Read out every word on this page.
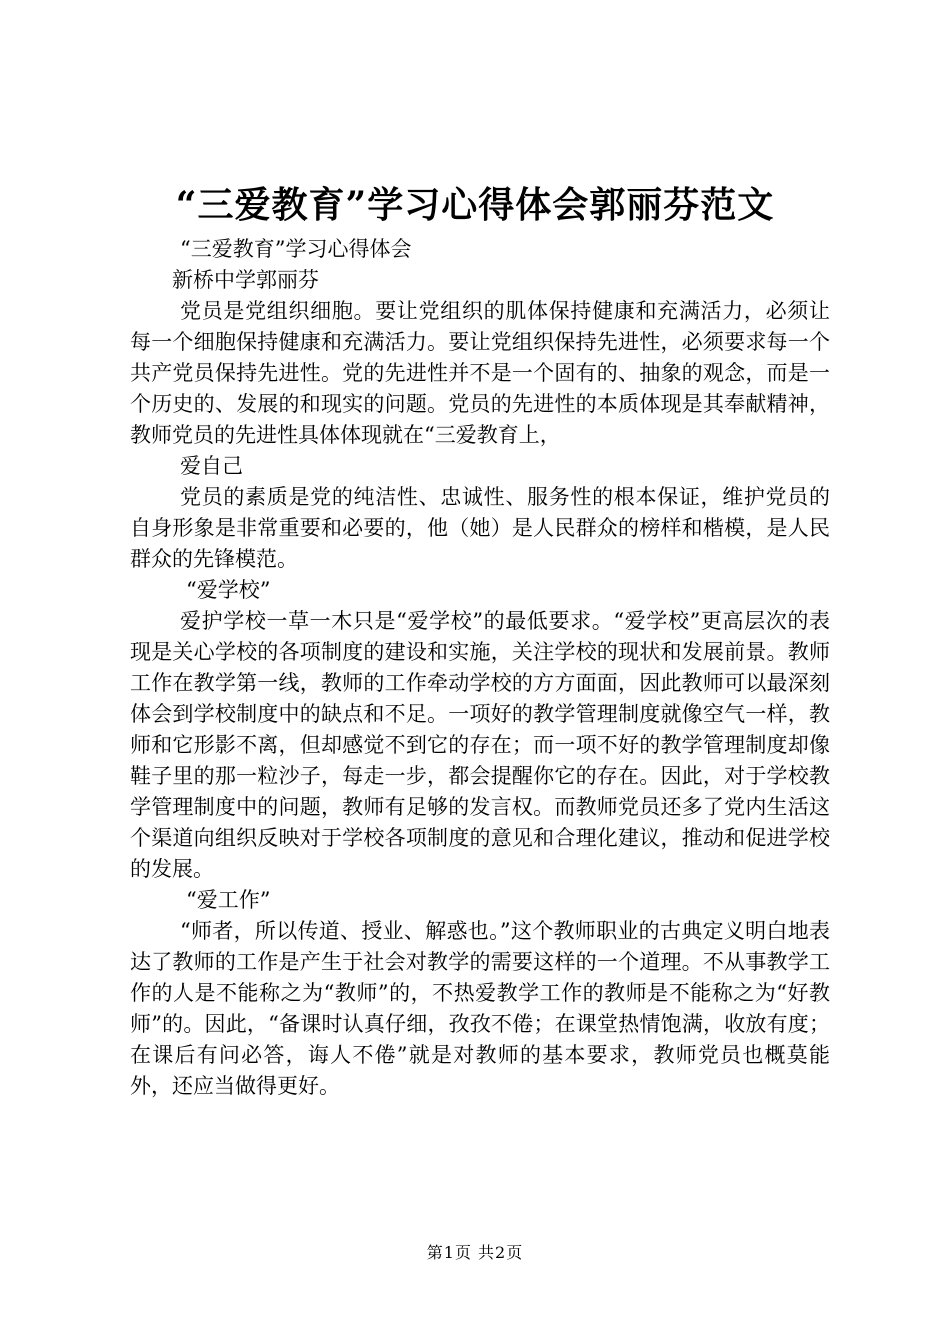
“三爱教育”学习心得体会郭丽芬范文

“三爱教育”学习心得体会

新桥中学郭丽芬

党员是党组织细胞。要让党组织的肌体保持健康和充满活力，必须让每一个细胞保持健康和充满活力。要让党组织保持先进性，必须要求每一个共产党员保持先进性。党的先进性并不是一个固有的、抽象的观念，而是一个历史的、发展的和现实的问题。党员的先进性的本质体现是其奉献精神，教师党员的先进性具体体现就在“三爱教育上，

爱自己

党员的素质是党的纯洁性、忠诚性、服务性的根本保证，维护党员的自身形象是非常重要和必要的，他（她）是人民群众的榜样和楷模，是人民群众的先锋模范。

“爱学校”

爱护学校一草一木只是“爱学校”的最低要求。“爱学校”更高层次的表现是关心学校的各项制度的建设和实施，关注学校的现状和发展前景。教师工作在教学第一线，教师的工作牵动学校的方方面面，因此教师可以最深刻体会到学校制度中的缺点和不足。一项好的教学管理制度就像空气一样，教师和它形影不离，但却感觉不到它的存在；而一项不好的教学管理制度却像鞋子里的那一粒沙子，每走一步，都会提醒你它的存在。因此，对于学校教学管理制度中的问题，教师有足够的发言权。而教师党员还多了党内生活这个渠道向组织反映对于学校各项制度的意见和合理化建议，推动和促进学校的发展。

“爱工作”

“师者，所以传道、授业、解惑也。”这个教师职业的古典定义明白地表达了教师的工作是产生于社会对教学的需要这样的一个道理。不从事教学工作的人是不能称之为“教师”的，不热爱教学工作的教师是不能称之为“好教师”的。因此，“备课时认真仔细，孜孜不倦；在课堂热情饱满，收放有度；在课后有问必答，诲人不倦”就是对教师的基本要求，教师党员也概莫能外，还应当做得更好。

第1页 共2页
